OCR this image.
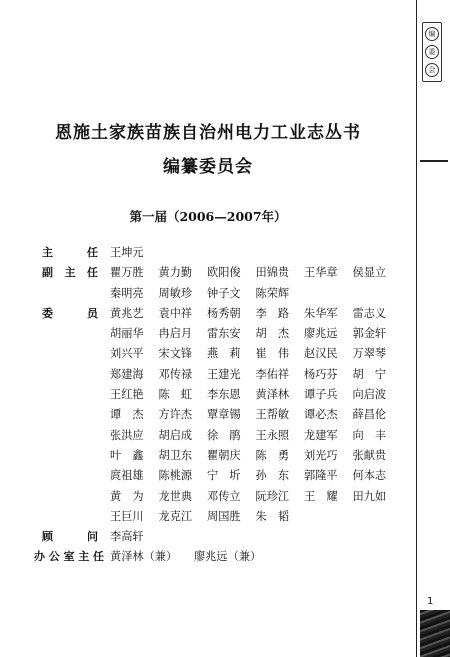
编
委
会
1
恩施土家族苗族自治州电力工业志丛书
编纂委员会
第一届（2006—2007年）
主　任 王坤元
副主任 瞿万胜 黄力勤 欧阳俊 田锦贵 王华章 侯显立
秦明亮 周敏珍 钟子文 陈荣辉
委　员 黄兆艺 袁中祥 杨秀朝 李　路 朱华军 雷志义
胡丽华 冉启月 雷东安 胡　杰 廖兆远 郭金轩
刘兴平 宋文锋 燕　莉 崔　伟 赵汉民 万翠琴
郑建海 邓传禄 王建光 李佑祥 杨巧芬 胡　宁
王红艳 陈　虹 李东恩 黄泽林 谭子兵 向启波
谭　杰 方许杰 覃章锡 王帮敏 谭必杰 薛昌伦
张洪应 胡启成 徐　鹃 王永照 龙建军 向　丰
叶　鑫 胡卫东 瞿朝庆 陈　勇 刘光巧 张献贵
庹祖雄 陈桃源 宁　圻 孙　东 郭隆平 何本志
黄　为 龙世典 邓传立 阮珍江 王　耀 田九如
王巨川 龙克江 周国胜 朱　韬
顾　问 李高轩
办公室主任 黄泽林（兼） 廖兆远（兼）
